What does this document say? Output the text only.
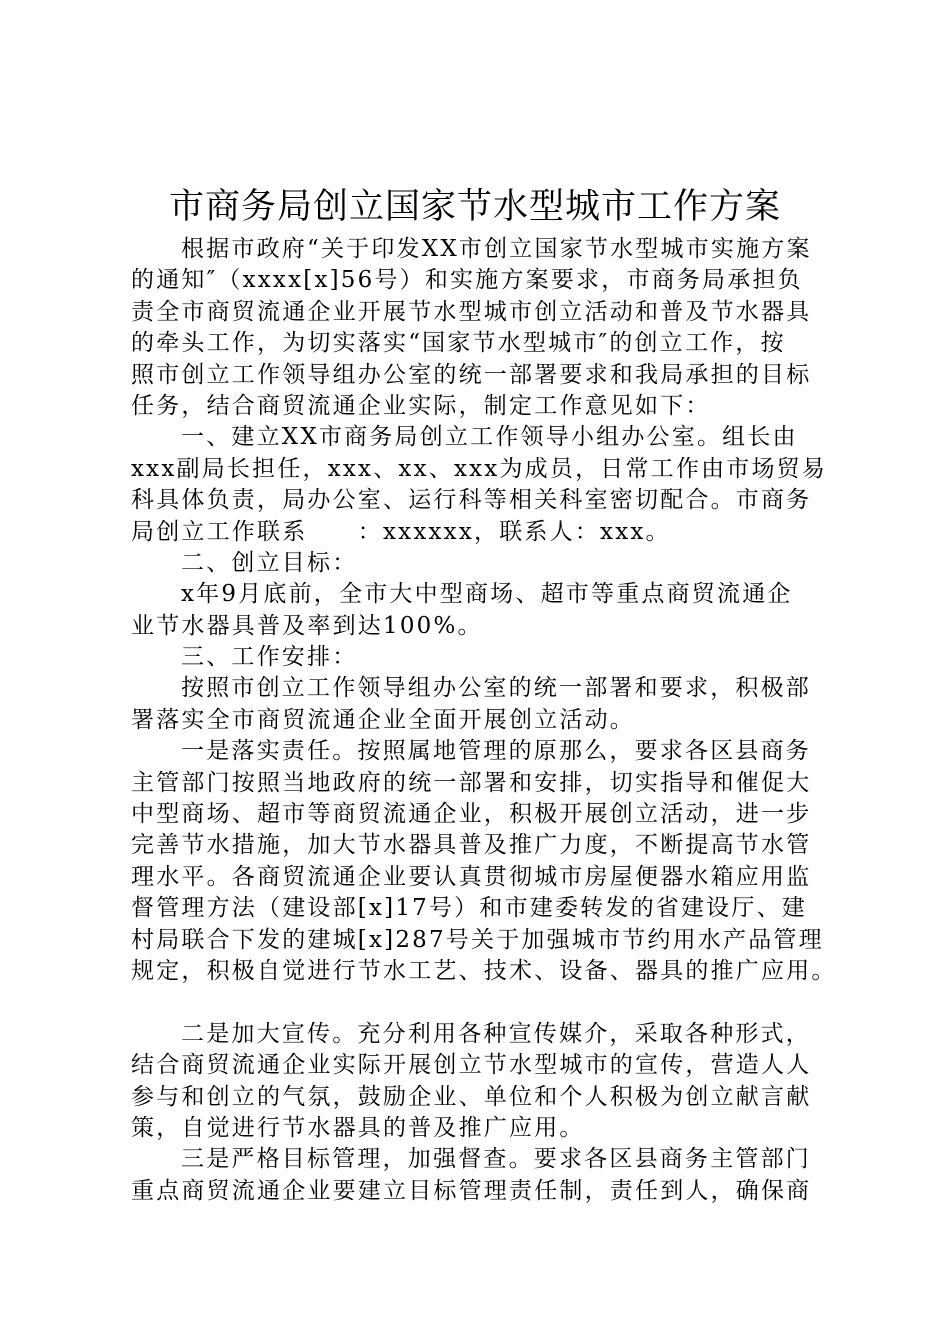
市商务局创立国家节水型城市工作方案

根据市政府“关于印发XX市创立国家节水型城市实施方案
的通知″（xxxx[x]56号）和实施方案要求，市商务局承担负
责全市商贸流通企业开展节水型城市创立活动和普及节水器具
的牵头工作，为切实落实“国家节水型城市″的创立工作，按
照市创立工作领导组办公室的统一部署要求和我局承担的目标
任务，结合商贸流通企业实际，制定工作意见如下：

一、建立XX市商务局创立工作领导小组办公室。组长由
xxx副局长担任，xxx、xx、xxx为成员，日常工作由市场贸易
科具体负责，局办公室、运行科等相关科室密切配合。市商务
局创立工作联系　　：xxxxxx，联系人：xxx。

二、创立目标：

x年9月底前，全市大中型商场、超市等重点商贸流通企
业节水器具普及率到达100%。

三、工作安排：

按照市创立工作领导组办公室的统一部署和要求，积极部
署落实全市商贸流通企业全面开展创立活动。

一是落实责任。按照属地管理的原那么，要求各区县商务
主管部门按照当地政府的统一部署和安排，切实指导和催促大
中型商场、超市等商贸流通企业，积极开展创立活动，进一步
完善节水措施，加大节水器具普及推广力度，不断提高节水管
理水平。各商贸流通企业要认真贯彻城市房屋便器水箱应用监
督管理方法（建设部[x]17号）和市建委转发的省建设厅、建
村局联合下发的建城[x]287号关于加强城市节约用水产品管理
规定，积极自觉进行节水工艺、技术、设备、器具的推广应用。

二是加大宣传。充分利用各种宣传媒介，采取各种形式，
结合商贸流通企业实际开展创立节水型城市的宣传，营造人人
参与和创立的气氛，鼓励企业、单位和个人积极为创立献言献
策，自觉进行节水器具的普及推广应用。

三是严格目标管理，加强督查。要求各区县商务主管部门
重点商贸流通企业要建立目标管理责任制，责任到人，确保商
